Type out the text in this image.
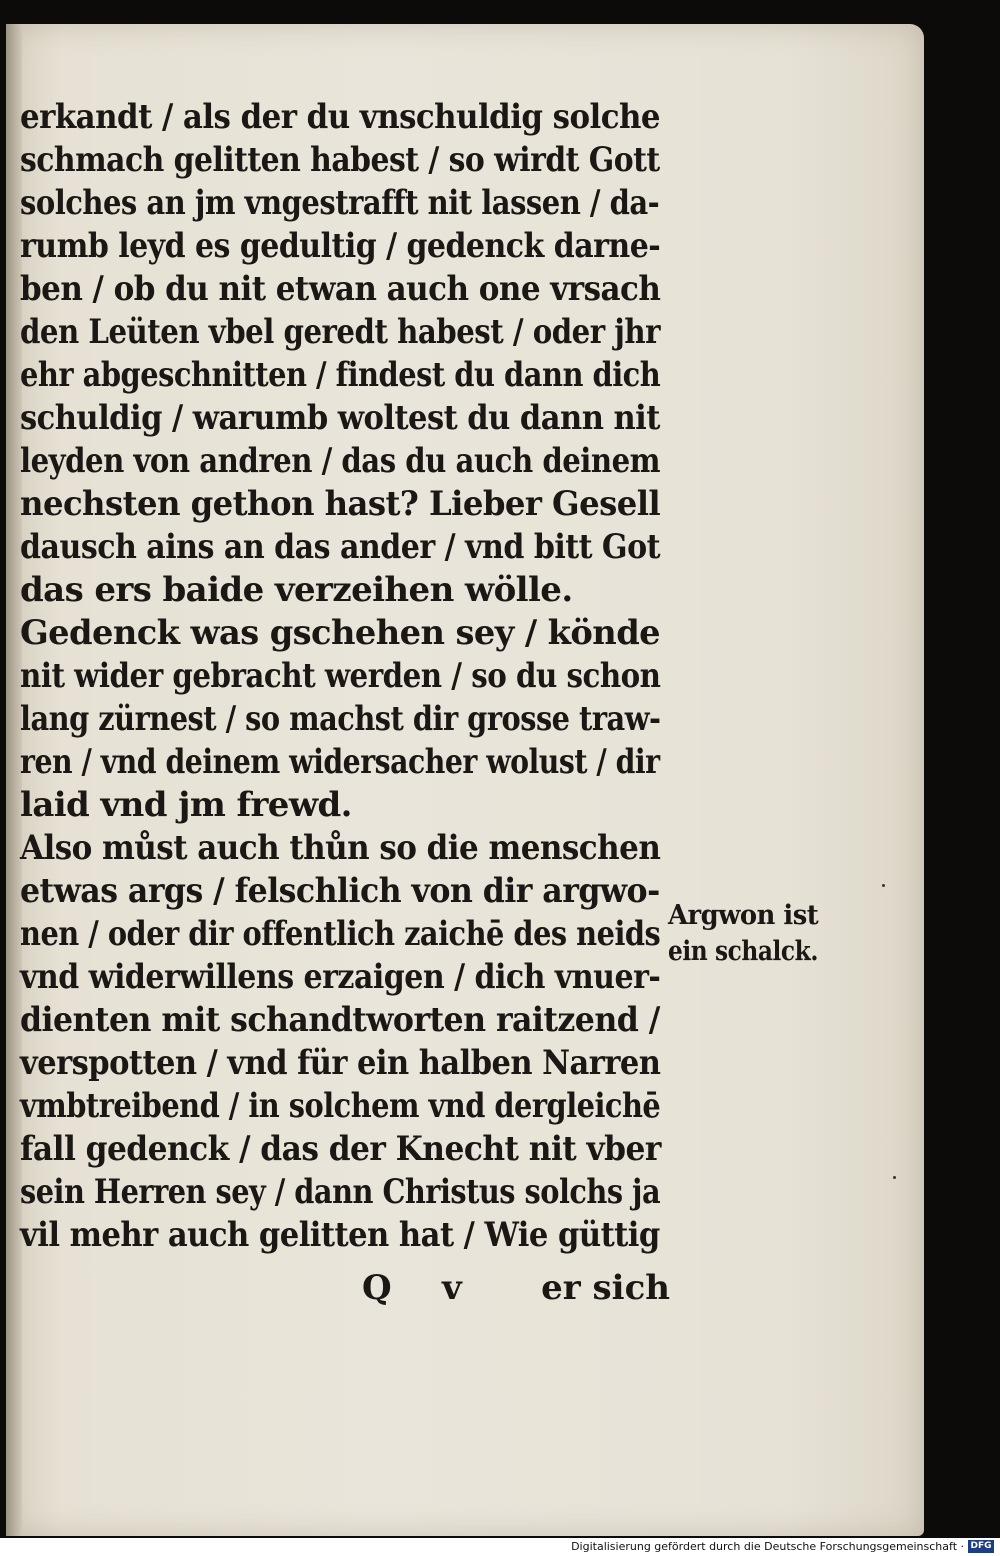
erkandt / als der du vnschuldig solche
schmach gelitten habest / so wirdt Gott
solches an jm vngestrafft nit lassen / da-
rumb leyd es gedultig / gedenck darne-
ben / ob du nit etwan auch one vrsach
den Leüten vbel geredt habest / oder jhr
ehr abgeschnitten / findest du dann dich
schuldig / warumb woltest du dann nit
leyden von andren / das du auch deinem
nechsten gethon hast? Lieber Gesell
dausch ains an das ander / vnd bitt Got
das ers baide verzeihen wölle.
Gedenck was gschehen sey / könde
nit wider gebracht werden / so du schon
lang zürnest / so machst dir grosse traw-
ren / vnd deinem widersacher wolust / dir
laid vnd jm frewd.
Also můst auch thůn so die menschen
etwas args / felschlich von dir argwo-
nen / oder dir offentlich zaichē des neids
vnd widerwillens erzaigen / dich vnuer-
dienten mit schandtworten raitzend /
verspotten / vnd für ein halben Narren
vmbtreibend / in solchem vnd dergleichē
fall gedenck / das der Knecht nit vber
sein Herren sey / dann Christus solchs ja
vil mehr auch gelitten hat / Wie güttig
Q v er sich
Argwon ist
ein schalck.
Digitalisierung gefördert durch die Deutsche Forschungsgemeinschaft · DFG
